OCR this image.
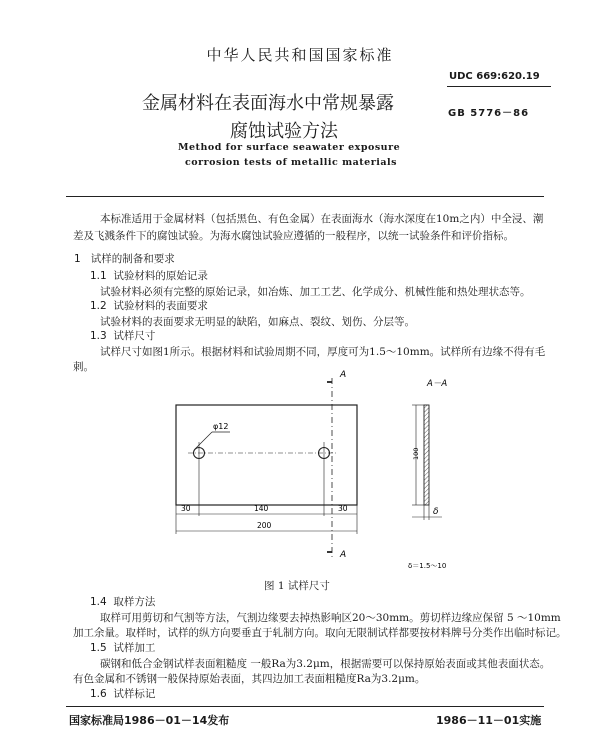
中华人民共和国国家标准
UDC 669:620.19
GB 5776－86
金属材料在表面海水中常规暴露
腐蚀试验方法
Method for surface seawater exposure
corrosion tests of metallic materials
本标准适用于金属材料（包括黑色、有色金属）在表面海水（海水深度在10m之内）中全浸、潮
差及飞溅条件下的腐蚀试验。为海水腐蚀试验应遵循的一般程序，以统一试验条件和评价指标。
1 试样的制备和要求
1.1 试验材料的原始记录
试验材料必须有完整的原始记录，如冶炼、加工工艺、化学成分、机械性能和热处理状态等。
1.2 试验材料的表面要求
试验材料的表面要求无明显的缺陷，如麻点、裂纹、划伤、分层等。
1.3 试样尺寸
试样尺寸如图1所示。根据材料和试验周期不同，厚度可为1.5～10mm。试样所有边缘不得有毛
刺。
A
A
φ12
30	140	30
200
A－A
100
δ
δ＝1.5～10
图 1 试样尺寸
1.4 取样方法
取样可用剪切和气割等方法，气割边缘要去掉热影响区20～30mm。剪切样边缘应保留 5 ～10mm
加工余量。取样时，试样的纵方向要垂直于轧制方向。取向无限制试样都要按材料牌号分类作出临时标记。
1.5 试样加工
碳钢和低合金钢试样表面粗糙度 一般Ra为3.2μm，根据需要可以保持原始表面或其他表面状态。
有色金属和不锈钢一般保持原始表面，其四边加工表面粗糙度Ra为3.2μm。
1.6 试样标记
国家标准局1986－01－14发布	1986－11－01实施
